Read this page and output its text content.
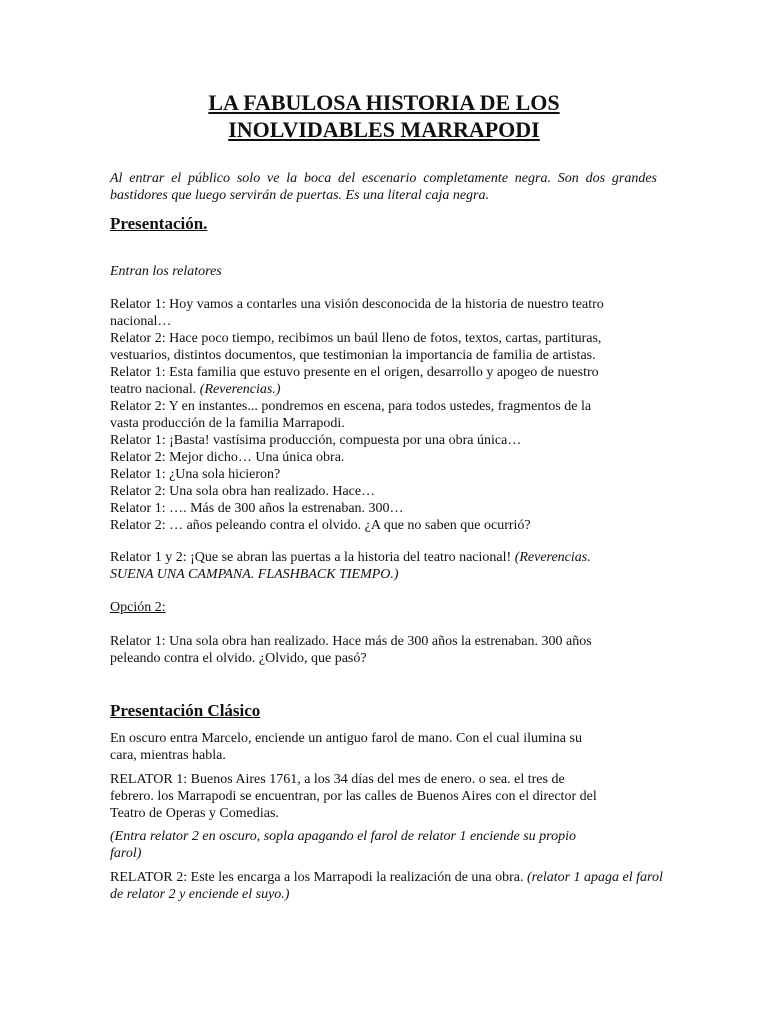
LA FABULOSA HISTORIA DE LOS
INOLVIDABLES MARRAPODI
Al entrar el público solo ve la boca del escenario completamente negra. Son dos grandes bastidores que luego servirán de puertas. Es una literal caja negra.
Presentación.
Entran los relatores
Relator 1: Hoy vamos a contarles una visión desconocida de la historia de nuestro teatro
nacional…
Relator 2: Hace poco tiempo, recibimos un baúl lleno de fotos, textos, cartas, partituras,
vestuarios, distintos documentos, que testimonian la importancia de familia de artistas.
Relator 1: Esta familia que estuvo presente en el origen, desarrollo y apogeo de nuestro
teatro nacional. (Reverencias.)
Relator 2: Y en instantes... pondremos en escena, para todos ustedes, fragmentos de la
vasta producción de la familia Marrapodi.
Relator 1: ¡Basta! vastísima producción, compuesta por una obra única…
Relator 2: Mejor dicho… Una única obra.
Relator 1: ¿Una sola hicieron?
Relator 2: Una sola obra han realizado. Hace…
Relator 1: …. Más de 300 años la estrenaban. 300…
Relator 2: … años peleando contra el olvido. ¿A que no saben que ocurrió?
Relator 1 y 2: ¡Que se abran las puertas a la historia del teatro nacional! (Reverencias.
SUENA UNA CAMPANA. FLASHBACK TIEMPO.)
Opción 2:
Relator 1: Una sola obra han realizado. Hace más de 300 años la estrenaban. 300 años
peleando contra el olvido. ¿Olvido, que pasó?
Presentación Clásico
En oscuro entra Marcelo, enciende un antiguo farol de mano. Con el cual ilumina su
cara, mientras habla.
RELATOR 1: Buenos Aires 1761, a los 34 días del mes de enero. o sea. el tres de
febrero. los Marrapodi se encuentran, por las calles de Buenos Aires con el director del
Teatro de Operas y Comedias.
(Entra relator 2 en oscuro, sopla apagando el farol de relator 1 enciende su propio
farol)
RELATOR 2: Este les encarga a los Marrapodi la realización de una obra. (relator 1 apaga el farol
de relator 2 y enciende el suyo.)
